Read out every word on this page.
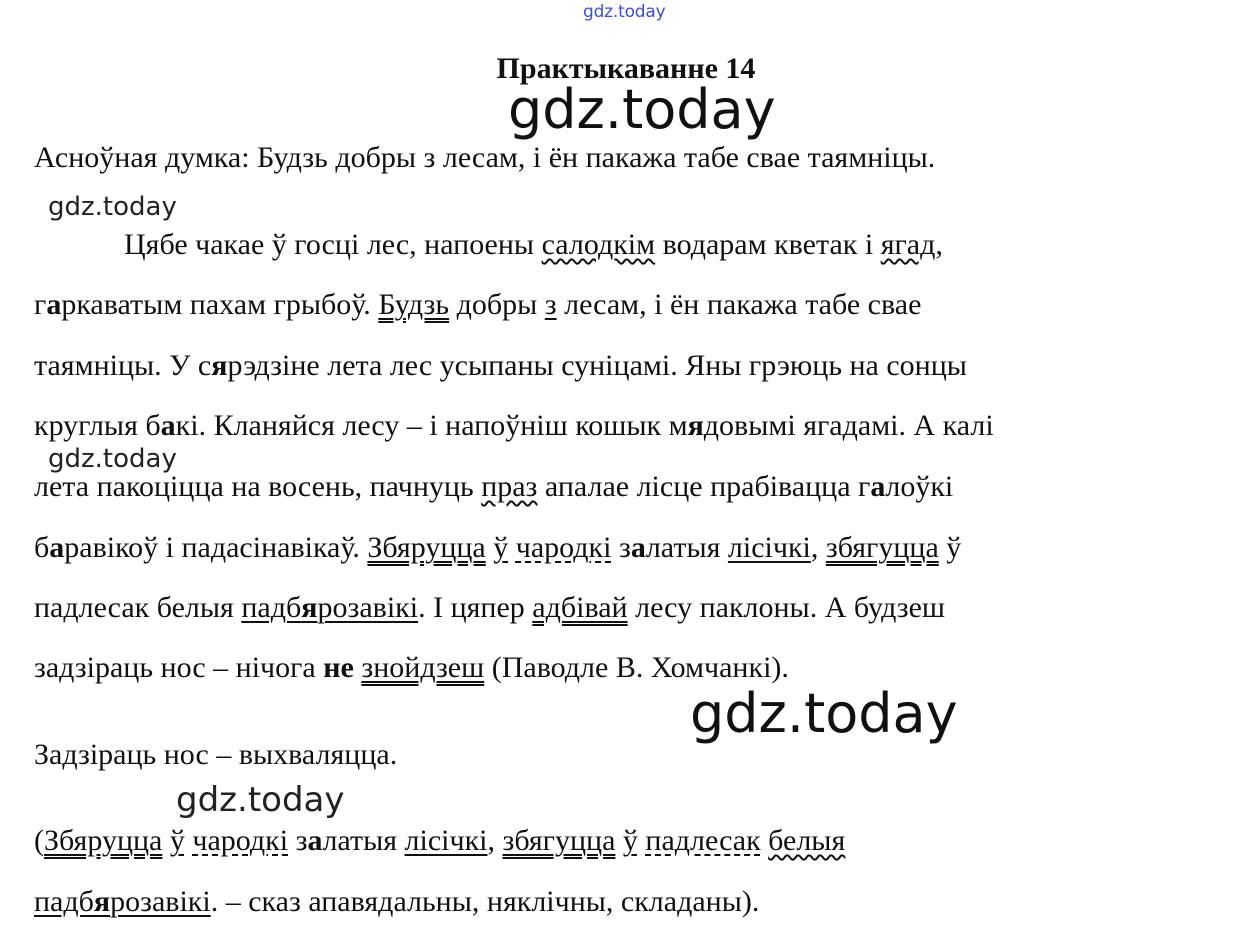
gdz.today
Практыкаванне 14
gdz.today
Асноўная думка: Будзь добры з лесам, і ён пакажа табе свае таямніцы.
gdz.today
Цябе чакае ў госці лес, напоены салодкім водарам кветак і ягад,
гаркаватым пахам грыбоў. Будзь добры з лесам, і ён пакажа табе свае
таямніцы. У сярэдзіне лета лес усыпаны суніцамі. Яны грэюць на сонцы
круглыя бакі. Кланяйся лесу – і напоўніш кошык мядовымі ягадамі. А калі
gdz.today
лета пакоціцца на восень, пачнуць праз апалае лісце прабівацца галоўкі
баравікоў і падасінавікаў. Збяруцца ў чародкі залатыя лісічкі, збягуцца ў
падлесак белыя падбярозавікі. І цяпер адбівай лесу паклоны. А будзеш
задзіраць нос – нічога не знойдзеш (Паводле В. Хомчанкі).
gdz.today
Задзіраць нос – выхваляцца.
gdz.today
(Збяруцца ў чародкі залатыя лісічкі, збягуцца ў падлесак белыя
падбярозавікі. – сказ апавядальны, няклічны, складаны).
